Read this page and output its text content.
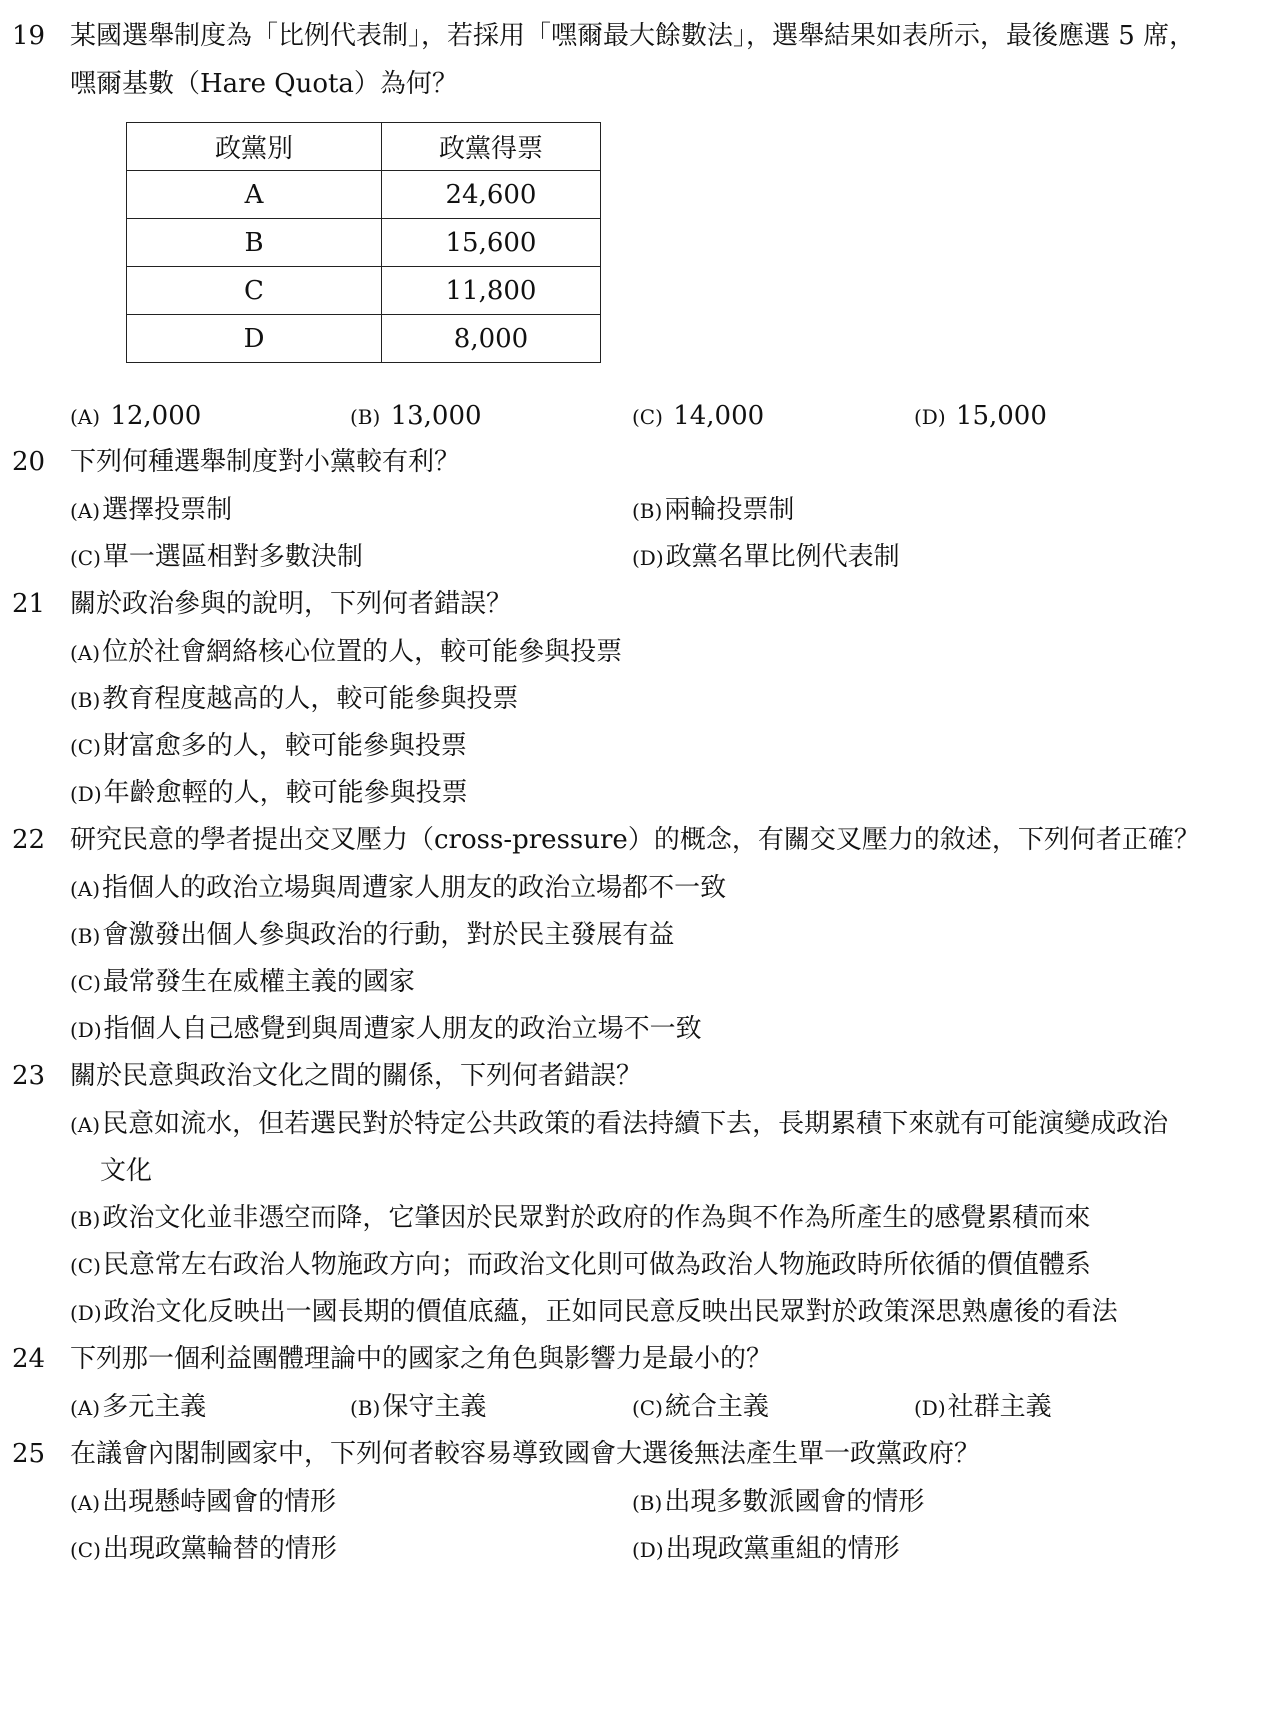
19 某國選舉制度為「比例代表制」，若採用「嘿爾最大餘數法」，選舉結果如表所示，最後應選 5 席，
嘿爾基數（Hare Quota）為何？
政黨別	政黨得票
A	24,600
B	15,600
C	11,800
D	8,000
(A) 12,000	(B) 13,000	(C) 14,000	(D) 15,000
20 下列何種選舉制度對小黨較有利？
(A)選擇投票制	(B)兩輪投票制
(C)單一選區相對多數決制	(D)政黨名單比例代表制
21 關於政治參與的說明，下列何者錯誤？
(A)位於社會網絡核心位置的人，較可能參與投票
(B)教育程度越高的人，較可能參與投票
(C)財富愈多的人，較可能參與投票
(D)年齡愈輕的人，較可能參與投票
22 研究民意的學者提出交叉壓力（cross-pressure）的概念，有關交叉壓力的敘述，下列何者正確？
(A)指個人的政治立場與周遭家人朋友的政治立場都不一致
(B)會激發出個人參與政治的行動，對於民主發展有益
(C)最常發生在威權主義的國家
(D)指個人自己感覺到與周遭家人朋友的政治立場不一致
23 關於民意與政治文化之間的關係，下列何者錯誤？
(A)民意如流水，但若選民對於特定公共政策的看法持續下去，長期累積下來就有可能演變成政治
文化
(B)政治文化並非憑空而降，它肇因於民眾對於政府的作為與不作為所產生的感覺累積而來
(C)民意常左右政治人物施政方向；而政治文化則可做為政治人物施政時所依循的價值體系
(D)政治文化反映出一國長期的價值底蘊，正如同民意反映出民眾對於政策深思熟慮後的看法
24 下列那一個利益團體理論中的國家之角色與影響力是最小的？
(A)多元主義	(B)保守主義	(C)統合主義	(D)社群主義
25 在議會內閣制國家中，下列何者較容易導致國會大選後無法產生單一政黨政府？
(A)出現懸峙國會的情形	(B)出現多數派國會的情形
(C)出現政黨輪替的情形	(D)出現政黨重組的情形
